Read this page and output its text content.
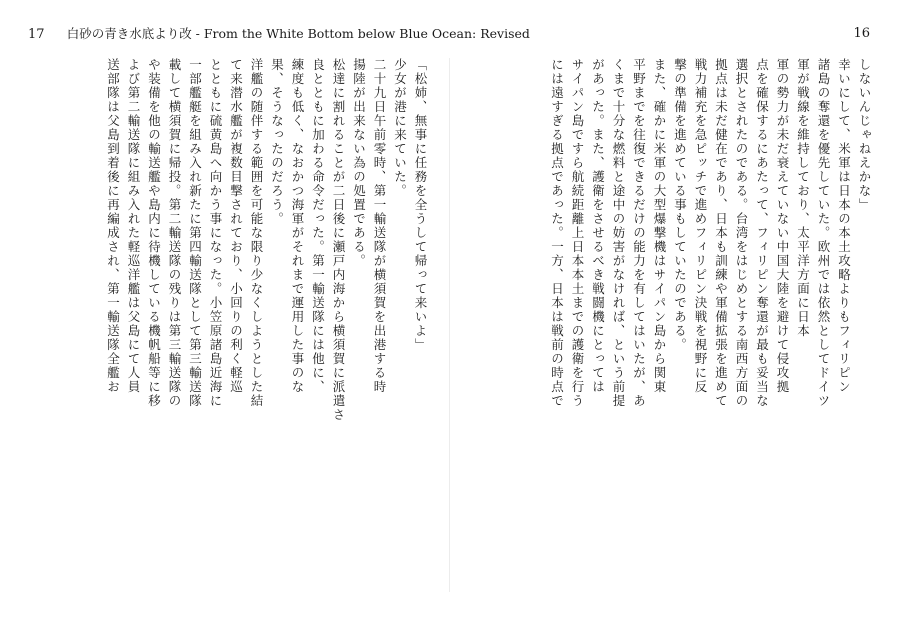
17 白砂の青き水底より改 - From the White Bottom below Blue Ocean: Revised	16
「松姉、無事に任務を全うして帰って来いよ」
少女が港に来ていた。
二十九日午前零時、第一輸送隊が横須賀を出港する時
揚陸が出来ない為の処置である。
松達に割れることが二日後に瀬戸内海から横須賀に派遣さ
良とともに加わる命令だった。第一輸送隊には他に、
練度も低く、なおかつ海軍がそれまで運用した事のな
果、そうなったのだろう。
洋艦の随伴する範囲を可能な限り少なくしようとした結
て来潜水艦が複数目撃されており、小回りの利く軽巡
とともに硫黄島へ向かう事になった。小笠原諸島近海に
一部艦艇を組み入れ新たに第四輸送隊として第三輸送隊
載して横須賀に帰投。第二輸送隊の残りは第三輸送隊の
や装備を他の輸送艦や島内に待機している機帆船等に移
よび第二輸送隊に組み入れた軽巡洋艦は父島にて人員
送部隊は父島到着後に再編成され、第一輸送隊全艦お	しないんじゃねえかな」
幸いにして、米軍は日本の本土攻略よりもフィリピン
諸島の奪還を優先していた。欧州では依然としてドイツ
軍が戦線を維持しており、太平洋方面に日本
軍の勢力が未だ衰えていない中国大陸を避けて侵攻拠
点を確保するにあたって、フィリピン奪還が最も妥当な
選択とされたのである。台湾をはじめとする南西方面の
拠点は未だ健在であり、日本も訓練や軍備拡張を進めて
戦力補充を急ピッチで進めフィリピン決戦を視野に反
撃の準備を進めている事もしていたのである。
また、確かに米軍の大型爆撃機はサイパン島から関東
平野までを往復できるだけの能力を有してはいたが、あ
くまで十分な燃料と途中の妨害がなければ、という前提
があった。また、護衛をさせるべき戦闘機にとっては
サイパン島ですら航続距離上日本本土までの護衛を行う
には遠すぎる拠点であった。一方、日本は戦前の時点で
